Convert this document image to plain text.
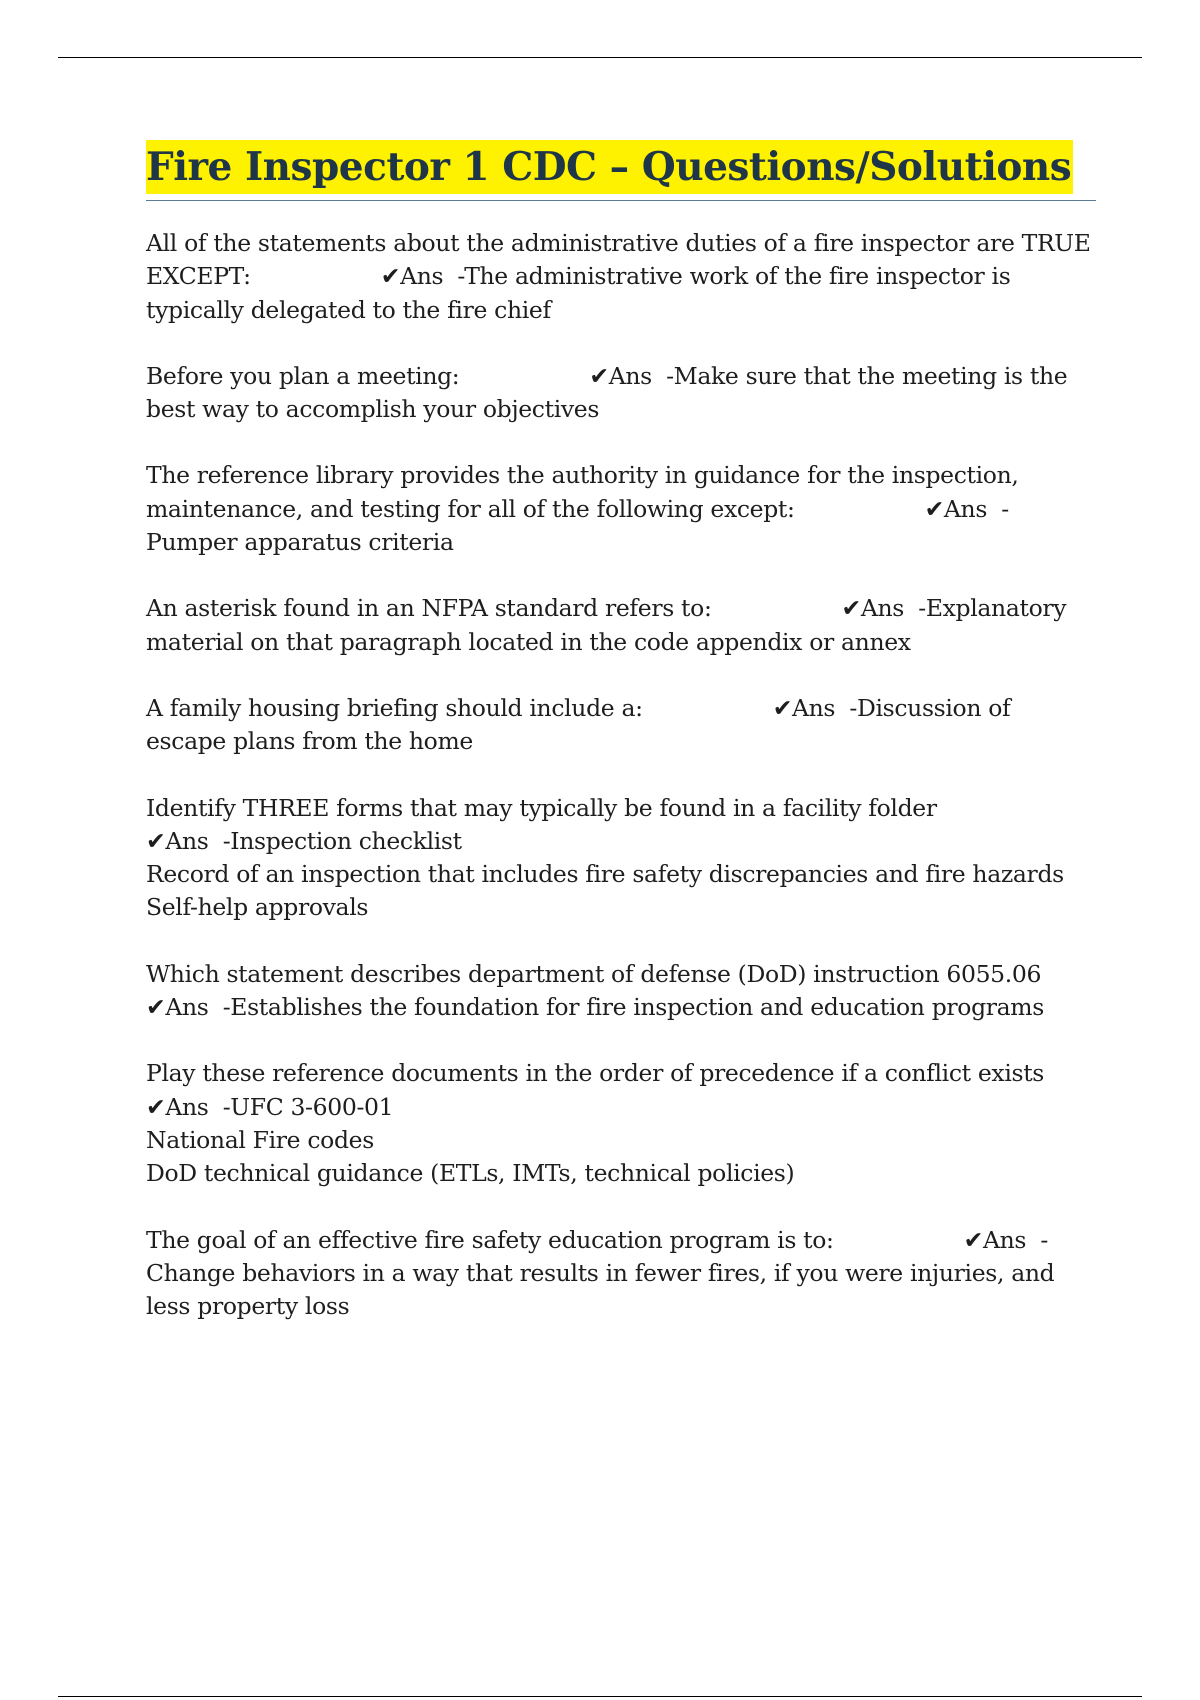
Fire Inspector 1 CDC – Questions/Solutions
All of the statements about the administrative duties of a fire inspector are TRUE EXCEPT:	✔Ans  -The administrative work of the fire inspector is typically delegated to the fire chief
Before you plan a meeting:	✔Ans  -Make sure that the meeting is the best way to accomplish your objectives
The reference library provides the authority in guidance for the inspection, maintenance, and testing for all of the following except:	✔Ans  -Pumper apparatus criteria
An asterisk found in an NFPA standard refers to:	✔Ans  -Explanatory material on that paragraph located in the code appendix or annex
A family housing briefing should include a:	✔Ans  -Discussion of escape plans from the home

Identify THREE forms that may typically be found in a facility folder

✔Ans  -Inspection checklist

Record of an inspection that includes fire safety discrepancies and fire hazards

Self-help approvals

Which statement describes department of defense (DoD) instruction 6055.06

✔Ans  -Establishes the foundation for fire inspection and education programs

Play these reference documents in the order of precedence if a conflict exists

✔Ans  -UFC 3-600-01

National Fire codes

DoD technical guidance (ETLs, IMTs, technical policies)

The goal of an effective fire safety education program is to:	✔Ans  -Change behaviors in a way that results in fewer fires, if you were injuries, and less property loss
